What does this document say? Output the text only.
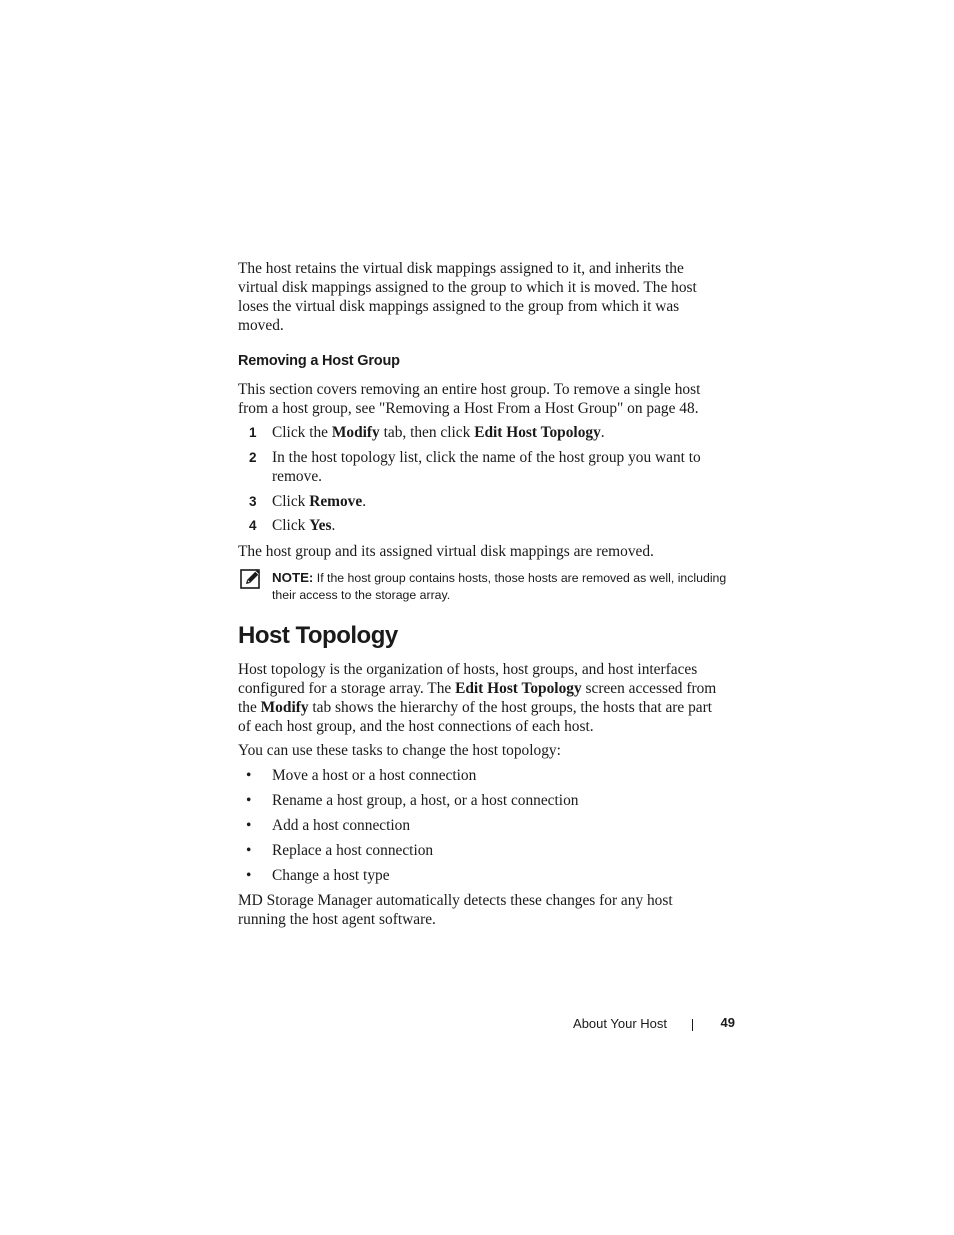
The host retains the virtual disk mappings assigned to it, and inherits the
virtual disk mappings assigned to the group to which it is moved. The host
loses the virtual disk mappings assigned to the group from which it was
moved.
Removing a Host Group
This section covers removing an entire host group. To remove a single host
from a host group, see "Removing a Host From a Host Group" on page 48.
1 Click the Modify tab, then click Edit Host Topology.
2 In the host topology list, click the name of the host group you want to
remove.
3 Click Remove.
4 Click Yes.
The host group and its assigned virtual disk mappings are removed.
NOTE: If the host group contains hosts, those hosts are removed as well, including
their access to the storage array.
Host Topology
Host topology is the organization of hosts, host groups, and host interfaces
configured for a storage array. The Edit Host Topology screen accessed from
the Modify tab shows the hierarchy of the host groups, the hosts that are part
of each host group, and the host connections of each host.
You can use these tasks to change the host topology:
• Move a host or a host connection
• Rename a host group, a host, or a host connection
• Add a host connection
• Replace a host connection
• Change a host type
MD Storage Manager automatically detects these changes for any host
running the host agent software.
About Your Host	49
